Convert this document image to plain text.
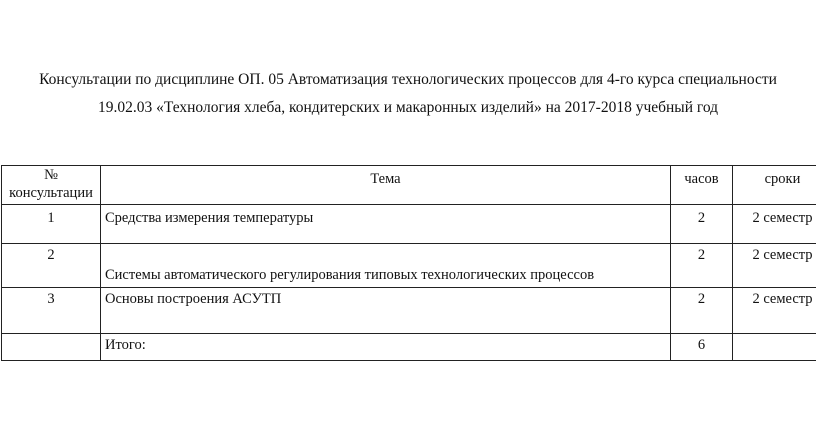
Консультации по дисциплине ОП. 05 Автоматизация технологических процессов для 4-го курса специальности
19.02.03 «Технология хлеба, кондитерских и макаронных изделий» на 2017-2018 учебный год
№
консультации	Тема	часов	сроки
1	Средства измерения температуры	2	2 семестр
2	Системы автоматического регулирования типовых технологических процессов	2	2 семестр
3	Основы построения АСУТП	2	2 семестр
	Итого:	6	
